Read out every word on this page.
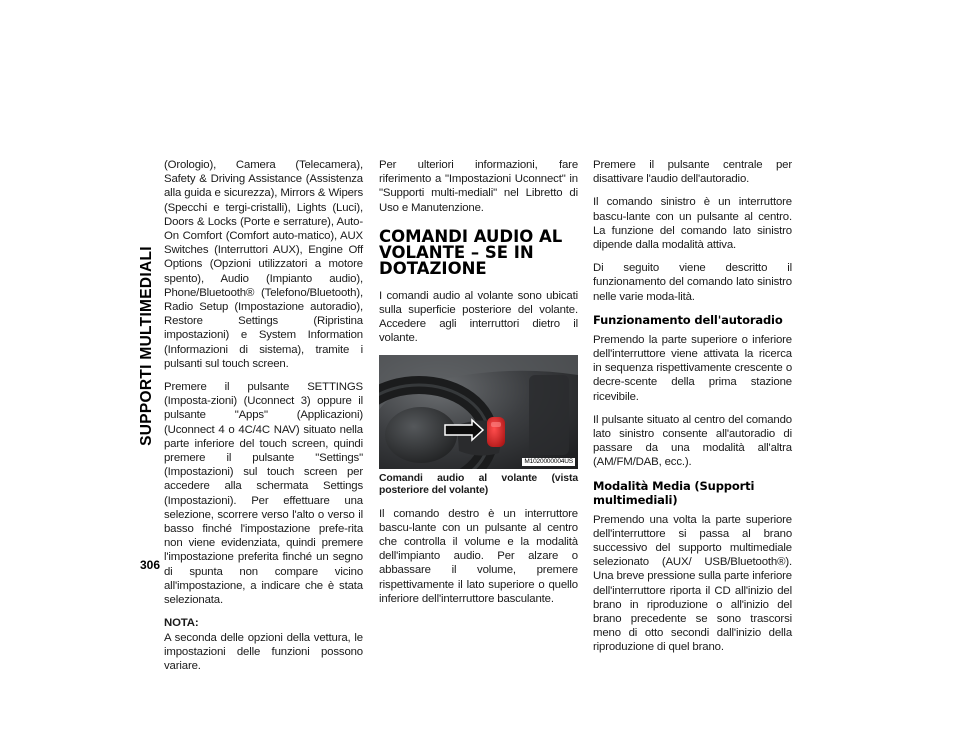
SUPPORTI MULTIMEDIALI
306

(Orologio), Camera (Telecamera), Safety & Driving Assistance (Assistenza alla guida e sicurezza), Mirrors & Wipers (Specchi e tergi-cristalli), Lights (Luci), Doors & Locks (Porte e serrature), Auto-On Comfort (Comfort auto-matico), AUX Switches (Interruttori AUX), Engine Off Options (Opzioni utilizzatori a motore spento), Audio (Impianto audio), Phone/Bluetooth® (Telefono/Bluetooth), Radio Setup (Impostazione autoradio), Restore Settings (Ripristina impostazioni) e System Information (Informazioni di sistema), tramite i pulsanti sul touch screen.

Premere il pulsante SETTINGS (Imposta-zioni) (Uconnect 3) oppure il pulsante "Apps" (Applicazioni) (Uconnect 4 o 4C/4C NAV) situato nella parte inferiore del touch screen, quindi premere il pulsante "Settings" (Impostazioni) sul touch screen per accedere alla schermata Settings (Impostazioni). Per effettuare una selezione, scorrere verso l'alto o verso il basso finché l'impostazione prefe-rita non viene evidenziata, quindi premere l'impostazione preferita finché un segno di spunta non compare vicino all'impostazione, a indicare che è stata selezionata.

NOTA:

A seconda delle opzioni della vettura, le impostazioni delle funzioni possono variare.

Per ulteriori informazioni, fare riferimento a "Impostazioni Uconnect" in "Supporti multi-mediali" nel Libretto di Uso e Manutenzione.

COMANDI AUDIO AL VOLANTE – SE IN DOTAZIONE

I comandi audio al volante sono ubicati sulla superficie posteriore del volante. Accedere agli interruttori dietro il volante.

M1020000004US

Comandi audio al volante (vista posteriore del volante)

Il comando destro è un interruttore bascu-lante con un pulsante al centro che controlla il volume e la modalità dell'impianto audio. Per alzare o abbassare il volume, premere rispettivamente il lato superiore o quello inferiore dell'interruttore basculante.

Premere il pulsante centrale per disattivare l'audio dell'autoradio.

Il comando sinistro è un interruttore bascu-lante con un pulsante al centro. La funzione del comando lato sinistro dipende dalla modalità attiva.

Di seguito viene descritto il funzionamento del comando lato sinistro nelle varie moda-lità.

Funzionamento dell'autoradio

Premendo la parte superiore o inferiore dell'interruttore viene attivata la ricerca in sequenza rispettivamente crescente o decre-scente della prima stazione ricevibile.

Il pulsante situato al centro del comando lato sinistro consente all'autoradio di passare da una modalità all'altra (AM/FM/DAB, ecc.).

Modalità Media (Supporti multimediali)

Premendo una volta la parte superiore dell'interruttore si passa al brano successivo del supporto multimediale selezionato (AUX/ USB/Bluetooth®). Una breve pressione sulla parte inferiore dell'interruttore riporta il CD all'inizio del brano in riproduzione o all'inizio del brano precedente se sono trascorsi meno di otto secondi dall'inizio della riproduzione di quel brano.
